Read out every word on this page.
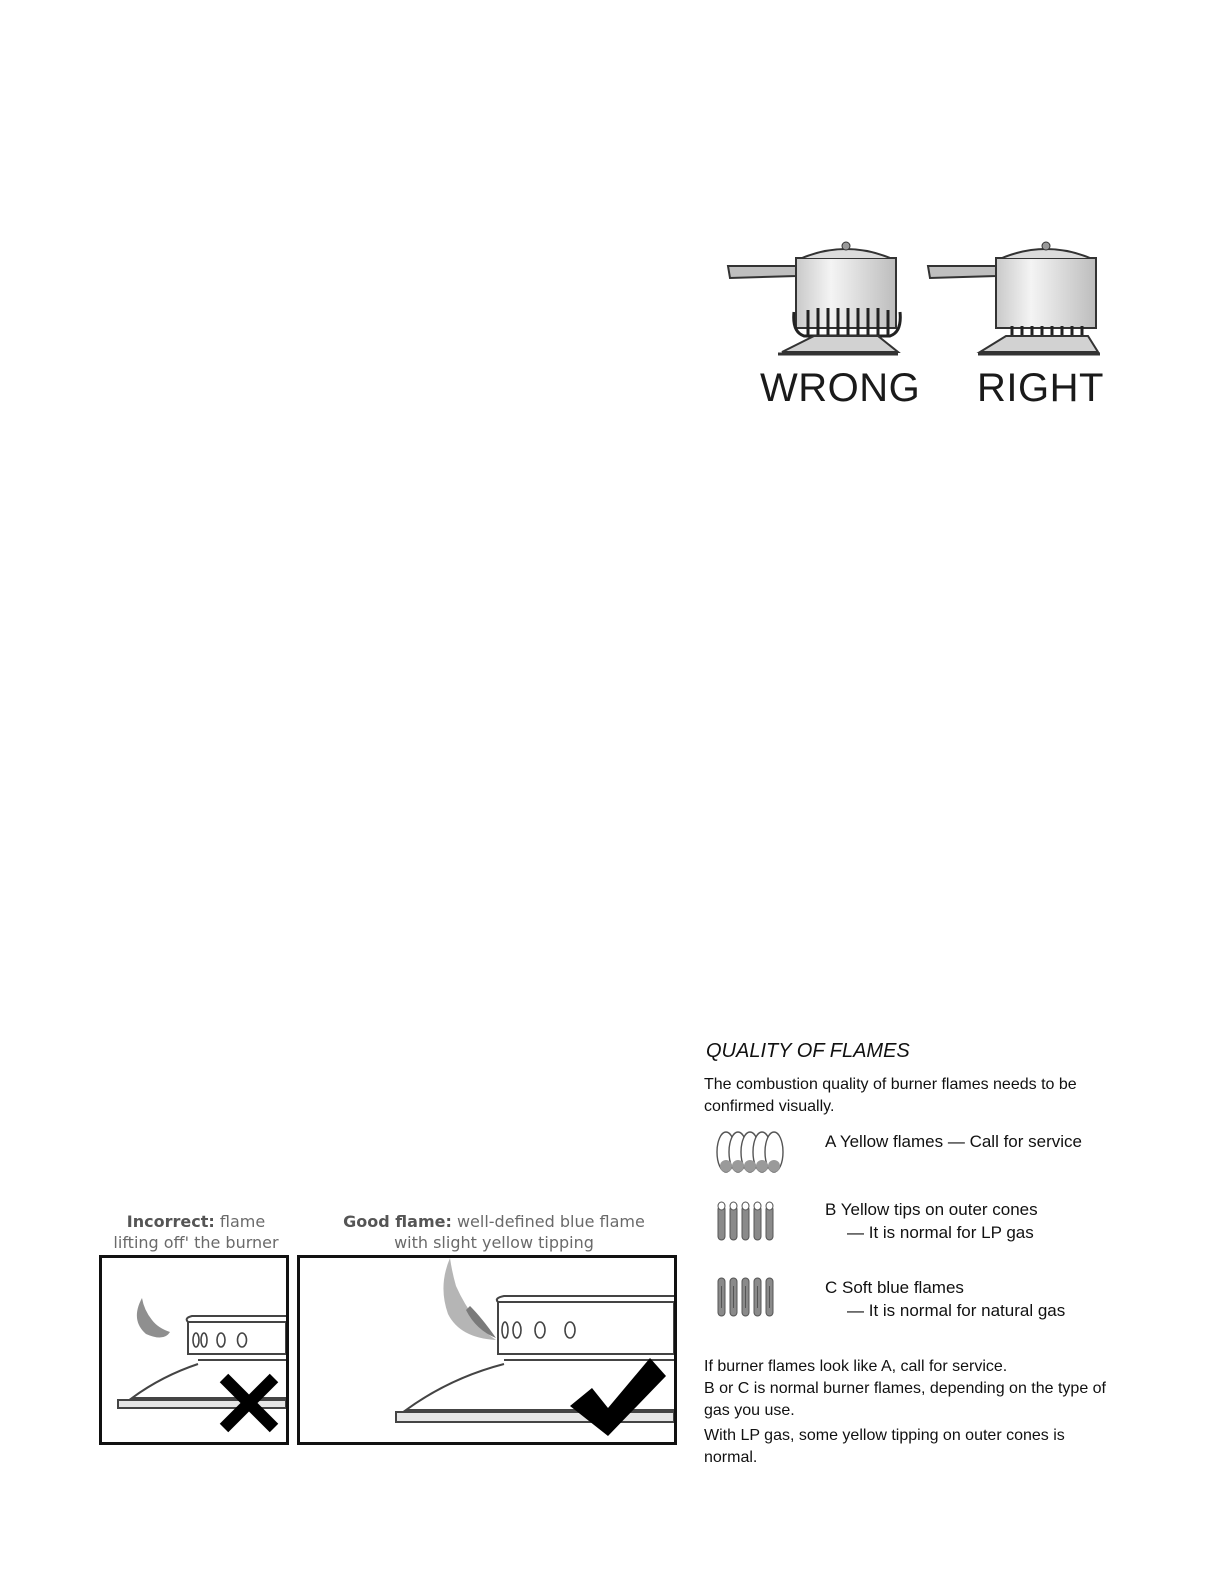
WRONG RIGHT
Incorrect: flame
lifting off' the burner
Good flame: well-defined blue flame
with slight yellow tipping
QUALITY OF FLAMES
The combustion quality of burner flames needs to be confirmed visually.
A Yellow flames — Call for service
B Yellow tips on outer cones
— It is normal for LP gas
C Soft blue flames
— It is normal for natural gas

If burner flames look like A, call for service.

B or C is normal burner flames, depending on the type of gas you use.

With LP gas, some yellow tipping on outer cones is normal.
